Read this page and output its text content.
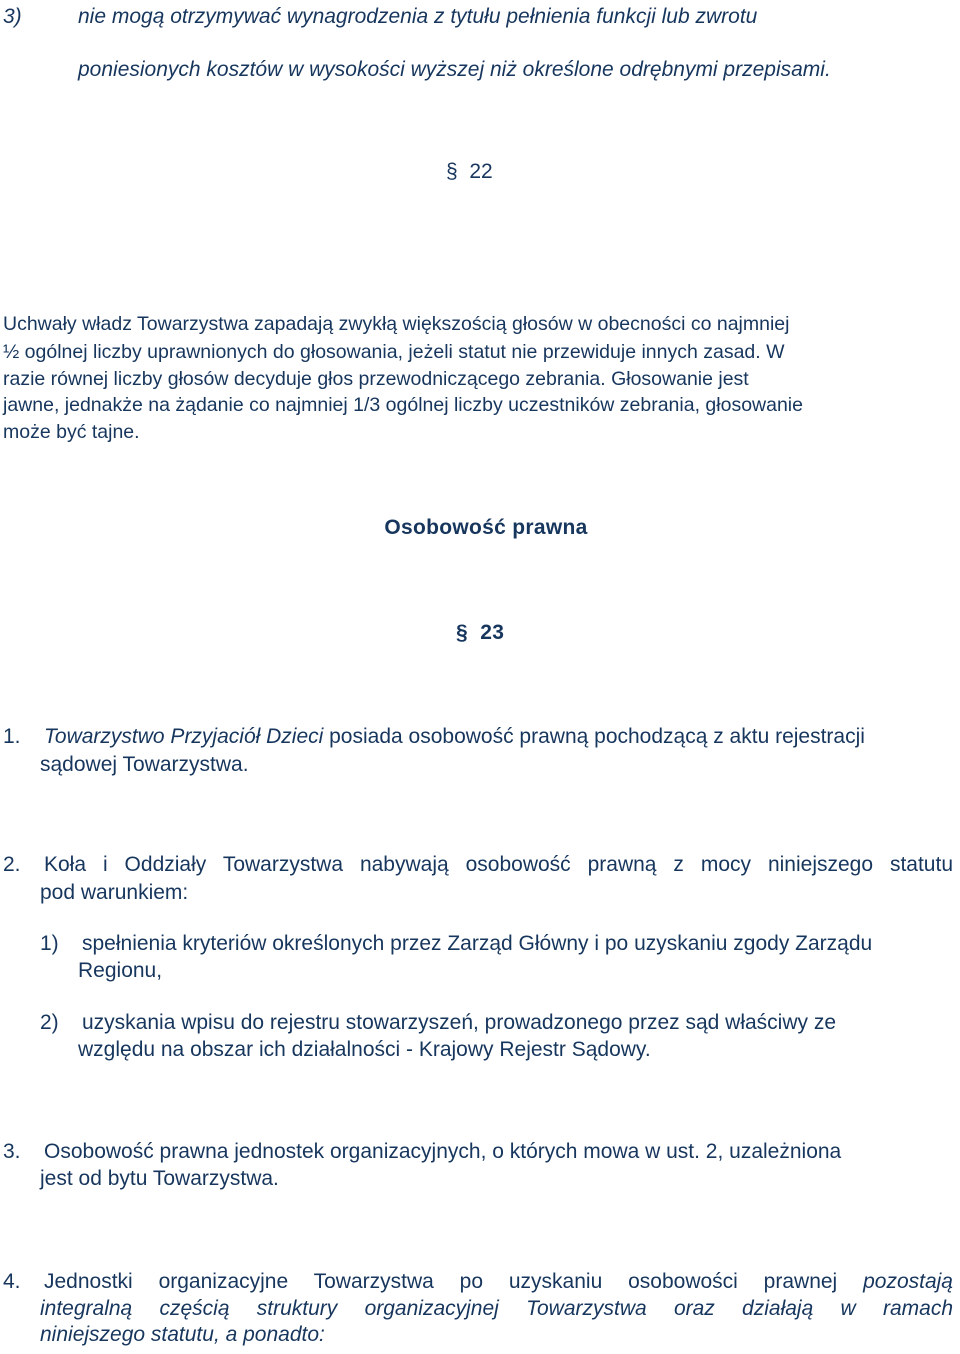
3)	nie mogą otrzymywać wynagrodzenia z tytułu pełnienia funkcji lub zwrotu
poniesionych kosztów w wysokości wyższej niż określone odrębnymi przepisami.
§ 22
Uchwały władz Towarzystwa zapadają zwykłą większością głosów w obecności co najmniej
½ ogólnej liczby uprawnionych do głosowania, jeżeli statut nie przewiduje innych zasad. W
razie równej liczby głosów decyduje głos przewodniczącego zebrania. Głosowanie jest
jawne, jednakże na żądanie co najmniej 1/3 ogólnej liczby uczestników zebrania, głosowanie
może być tajne.
Osobowość prawna
§ 23
1. Towarzystwo Przyjaciół Dzieci posiada osobowość prawną pochodzącą z aktu rejestracji
sądowej Towarzystwa.
2. Koła i Oddziały Towarzystwa nabywają osobowość prawną z mocy niniejszego statutu
pod warunkiem:
1) spełnienia kryteriów określonych przez Zarząd Główny i po uzyskaniu zgody Zarządu
Regionu,
2) uzyskania wpisu do rejestru stowarzyszeń, prowadzonego przez sąd właściwy ze
względu na obszar ich działalności - Krajowy Rejestr Sądowy.
3. Osobowość prawna jednostek organizacyjnych, o których mowa w ust. 2, uzależniona
jest od bytu Towarzystwa.
4. Jednostki organizacyjne Towarzystwa po uzyskaniu osobowości prawnej pozostają
integralną częścią struktury organizacyjnej Towarzystwa oraz działają w ramach
niniejszego statutu, a ponadto:
